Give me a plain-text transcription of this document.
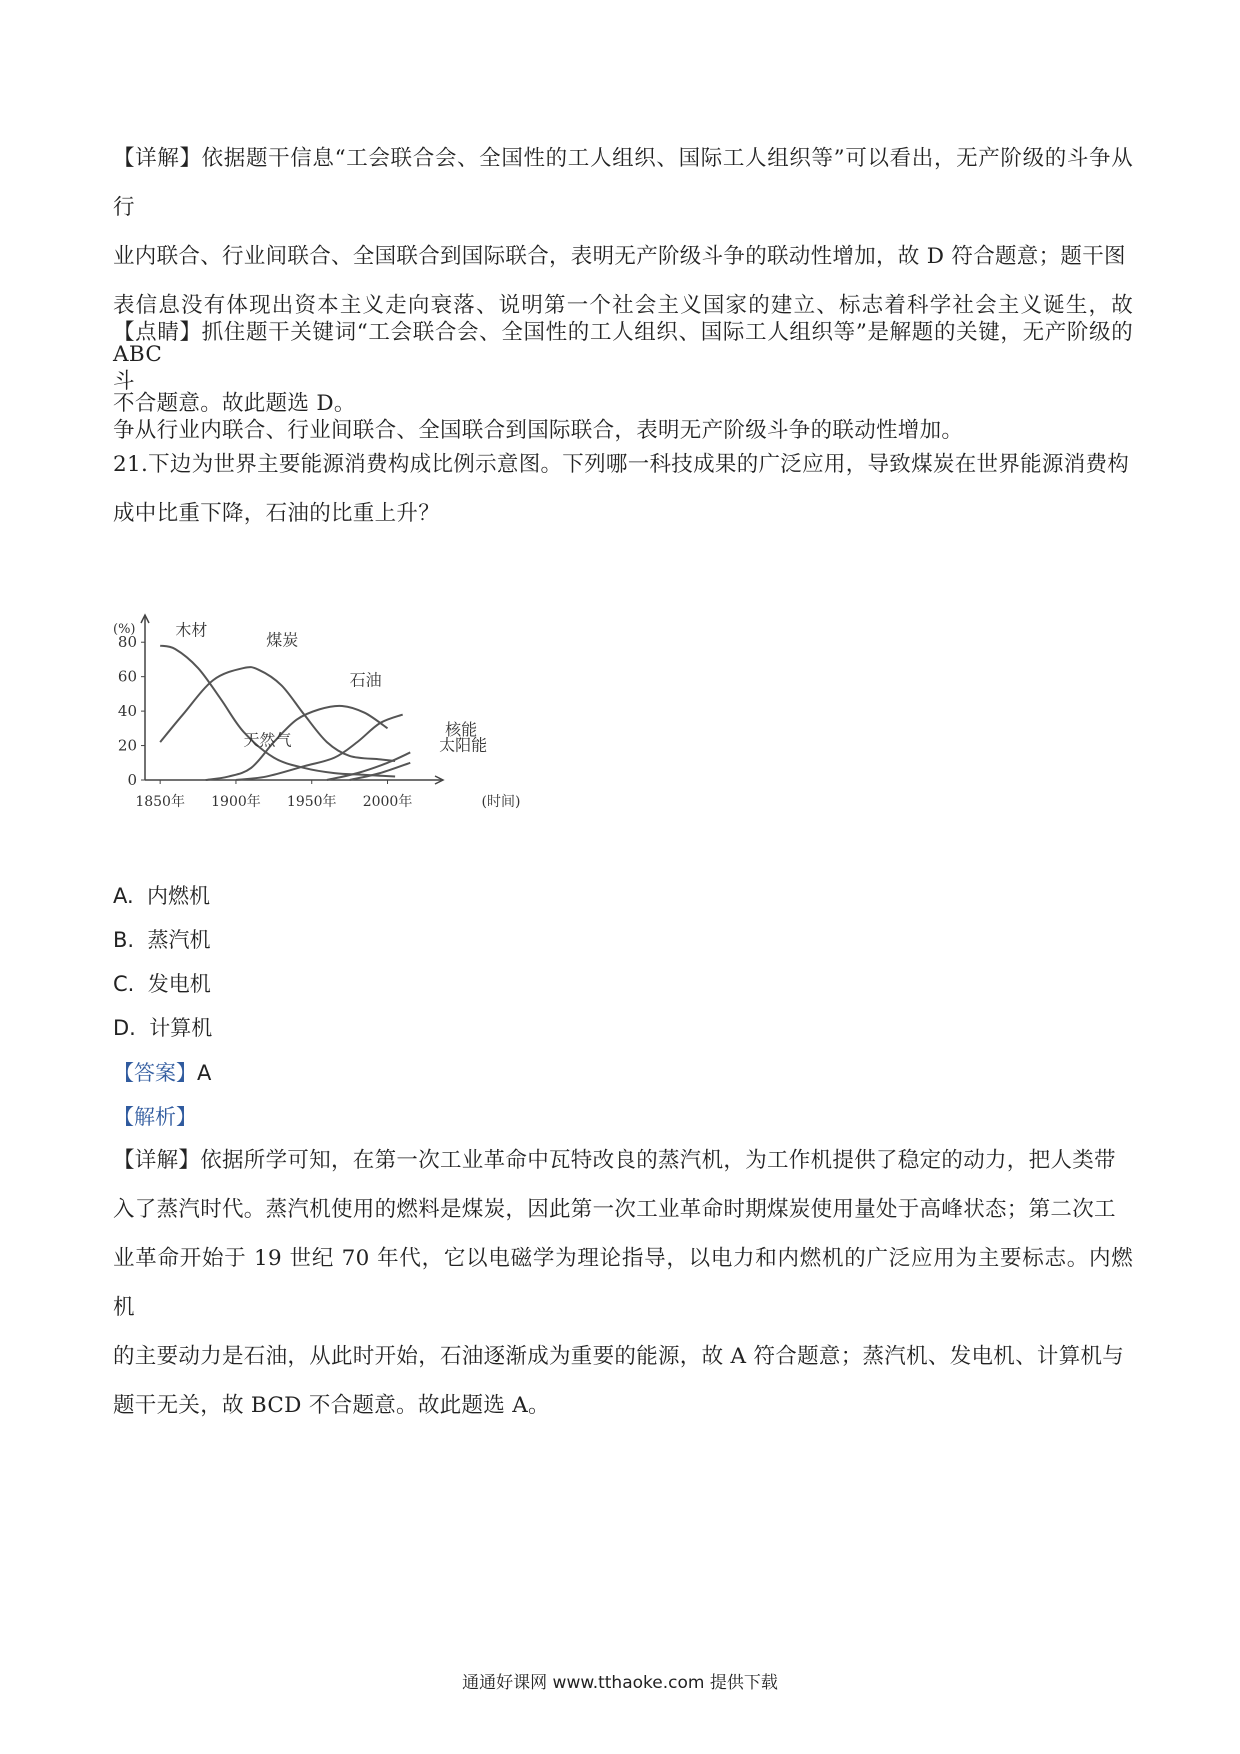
【详解】依据题干信息“工会联合会、全国性的工人组织、国际工人组织等”可以看出，无产阶级的斗争从行

业内联合、行业间联合、全国联合到国际联合，表明无产阶级斗争的联动性增加，故 D 符合题意；题干图

表信息没有体现出资本主义走向衰落、说明第一个社会主义国家的建立、标志着科学社会主义诞生，故 ABC

不合题意。故此题选 D。

【点睛】抓住题干关键词“工会联合会、全国性的工人组织、国际工人组织等”是解题的关键，无产阶级的斗

争从行业内联合、行业间联合、全国联合到国际联合，表明无产阶级斗争的联动性增加。

21.下边为世界主要能源消费构成比例示意图。下列哪一科技成果的广泛应用，导致煤炭在世界能源消费构

成中比重下降，石油的比重上升？

(%)
0
20
40
60
80
1850年 1900年 1950年 2000年	(时间)
木材
煤炭
石油
天然气
核能
太阳能
A. 内燃机
B. 蒸汽机
C. 发电机
D. 计算机
【答案】A
【解析】

【详解】依据所学可知，在第一次工业革命中瓦特改良的蒸汽机，为工作机提供了稳定的动力，把人类带

入了蒸汽时代。蒸汽机使用的燃料是煤炭，因此第一次工业革命时期煤炭使用量处于高峰状态；第二次工

业革命开始于 19 世纪 70 年代，它以电磁学为理论指导，以电力和内燃机的广泛应用为主要标志。内燃机

的主要动力是石油，从此时开始，石油逐渐成为重要的能源，故 A 符合题意；蒸汽机、发电机、计算机与

题干无关，故 BCD 不合题意。故此题选 A。

通通好课网 www.tthaoke.com 提供下载
